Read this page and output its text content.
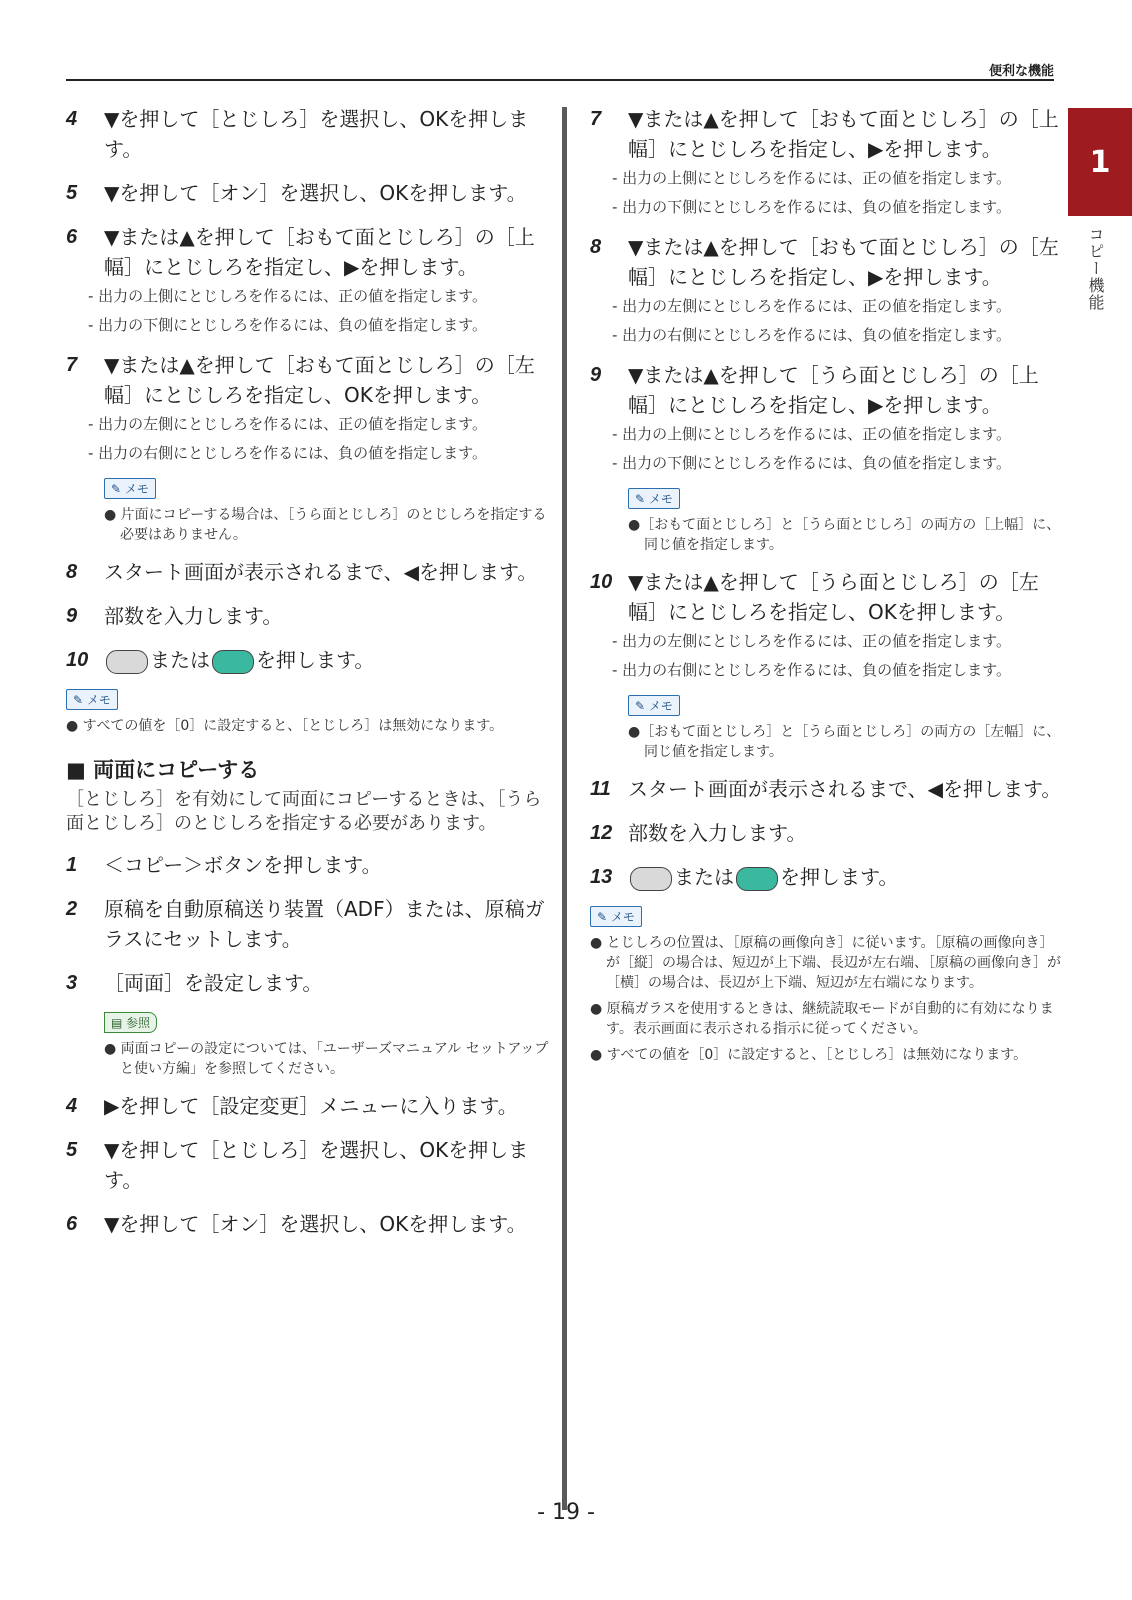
便利な機能
1
コピー機能
4	▼を押して［とじしろ］を選択し、OKを押します。
5	▼を押して［オン］を選択し、OKを押します。
6	▼または▲を押して［おもて面とじしろ］の［上幅］にとじしろを指定し、▶を押します。
- 出力の上側にとじしろを作るには、正の値を指定します。
- 出力の下側にとじしろを作るには、負の値を指定します。
7	▼または▲を押して［おもて面とじしろ］の［左幅］にとじしろを指定し、OKを押します。
- 出力の左側にとじしろを作るには、正の値を指定します。
- 出力の右側にとじしろを作るには、負の値を指定します。
✎ メモ
● 片面にコピーする場合は、［うら面とじしろ］のとじしろを指定する必要はありません。
8	スタート画面が表示されるまで、◀を押します。
9	部数を入力します。
10	または を押します。
✎ メモ
● すべての値を［0］に設定すると、［とじしろ］は無効になります。
■ 両面にコピーする
［とじしろ］を有効にして両面にコピーするときは、［うら面とじしろ］のとじしろを指定する必要があります。
1	＜コピー＞ボタンを押します。
2	原稿を自動原稿送り装置（ADF）または、原稿ガラスにセットします。
3	［両面］を設定します。
▤ 参照
● 両面コピーの設定については、「ユーザーズマニュアル セットアップと使い方編」を参照してください。
4	▶を押して［設定変更］メニューに入ります。
5	▼を押して［とじしろ］を選択し、OKを押します。
6	▼を押して［オン］を選択し、OKを押します。
7	▼または▲を押して［おもて面とじしろ］の［上幅］にとじしろを指定し、▶を押します。
- 出力の上側にとじしろを作るには、正の値を指定します。
- 出力の下側にとじしろを作るには、負の値を指定します。
8	▼または▲を押して［おもて面とじしろ］の［左幅］にとじしろを指定し、▶を押します。
- 出力の左側にとじしろを作るには、正の値を指定します。
- 出力の右側にとじしろを作るには、負の値を指定します。
9	▼または▲を押して［うら面とじしろ］の［上幅］にとじしろを指定し、▶を押します。
- 出力の上側にとじしろを作るには、正の値を指定します。
- 出力の下側にとじしろを作るには、負の値を指定します。
✎ メモ
●［おもて面とじしろ］と［うら面とじしろ］の両方の［上幅］に、同じ値を指定します。
10 ▼または▲を押して［うら面とじしろ］の［左幅］にとじしろを指定し、OKを押します。
- 出力の左側にとじしろを作るには、正の値を指定します。
- 出力の右側にとじしろを作るには、負の値を指定します。
✎ メモ
●［おもて面とじしろ］と［うら面とじしろ］の両方の［左幅］に、同じ値を指定します。
11 スタート画面が表示されるまで、◀を押します。
12 部数を入力します。
13	または を押します。
✎ メモ
● とじしろの位置は、［原稿の画像向き］に従います。［原稿の画像向き］が［縦］の場合は、短辺が上下端、長辺が左右端、［原稿の画像向き］が［横］の場合は、長辺が上下端、短辺が左右端になります。
● 原稿ガラスを使用するときは、継続読取モードが自動的に有効になります。表示画面に表示される指示に従ってください。
● すべての値を［0］に設定すると、［とじしろ］は無効になります。
- 19 -
